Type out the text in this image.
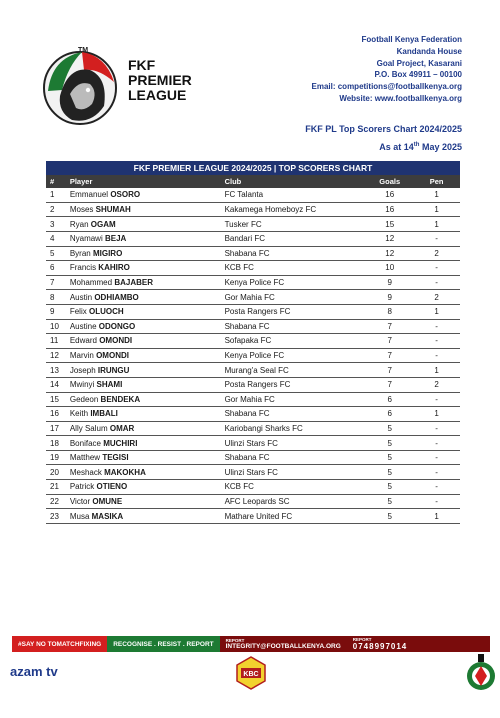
TM
FKF
PREMIER
LEAGUE
Football Kenya Federation
Kandanda House
Goal Project, Kasarani
P.O. Box 49911 – 00100
Email: competitions@footballkenya.org
Website: www.footballkenya.org
FKF PL Top Scorers Chart 2024/2025
As at 14th May 2025
FKF PREMIER LEAGUE 2024/2025 | TOP SCORERS CHART				
#	Player	Club	Goals	Pen
1	Emmanuel OSORO	FC Talanta	16	1
2	Moses SHUMAH	Kakamega Homeboyz FC	16	1
3	Ryan OGAM	Tusker FC	15	1
4	Nyamawi BEJA	Bandari FC	12	-
5	Byran MIGIRO	Shabana FC	12	2
6	Francis KAHIRO	KCB FC	10	-
7	Mohammed BAJABER	Kenya Police FC	9	-
8	Austin ODHIAMBO	Gor Mahia FC	9	2
9	Felix OLUOCH	Posta Rangers FC	8	1
10	Austine ODONGO	Shabana FC	7	-
11	Edward OMONDI	Sofapaka FC	7	-
12	Marvin OMONDI	Kenya Police FC	7	-
13	Joseph IRUNGU	Murang'a Seal FC	7	1
14	Mwinyi SHAMI	Posta Rangers FC	7	2
15	Gedeon BENDEKA	Gor Mahia FC	6	-
16	Keith IMBALI	Shabana FC	6	1
17	Ally Salum OMAR	Kariobangi Sharks FC	5	-
18	Boniface MUCHIRI	Ulinzi Stars FC	5	-
19	Matthew TEGISI	Shabana FC	5	-
20	Meshack MAKOKHA	Ulinzi Stars FC	5	-
21	Patrick OTIENO	KCB FC	5	-
22	Victor OMUNE	AFC Leopards SC	5	-
23	Musa MASIKA	Mathare United FC	5	1
#SAY NO TOMATCHFIXING	RECOGNISE . RESIST . REPORT	REPORT
INTEGRITY@FOOTBALLKENYA.ORG
REPORT
0748997014
azam tv	KBC
